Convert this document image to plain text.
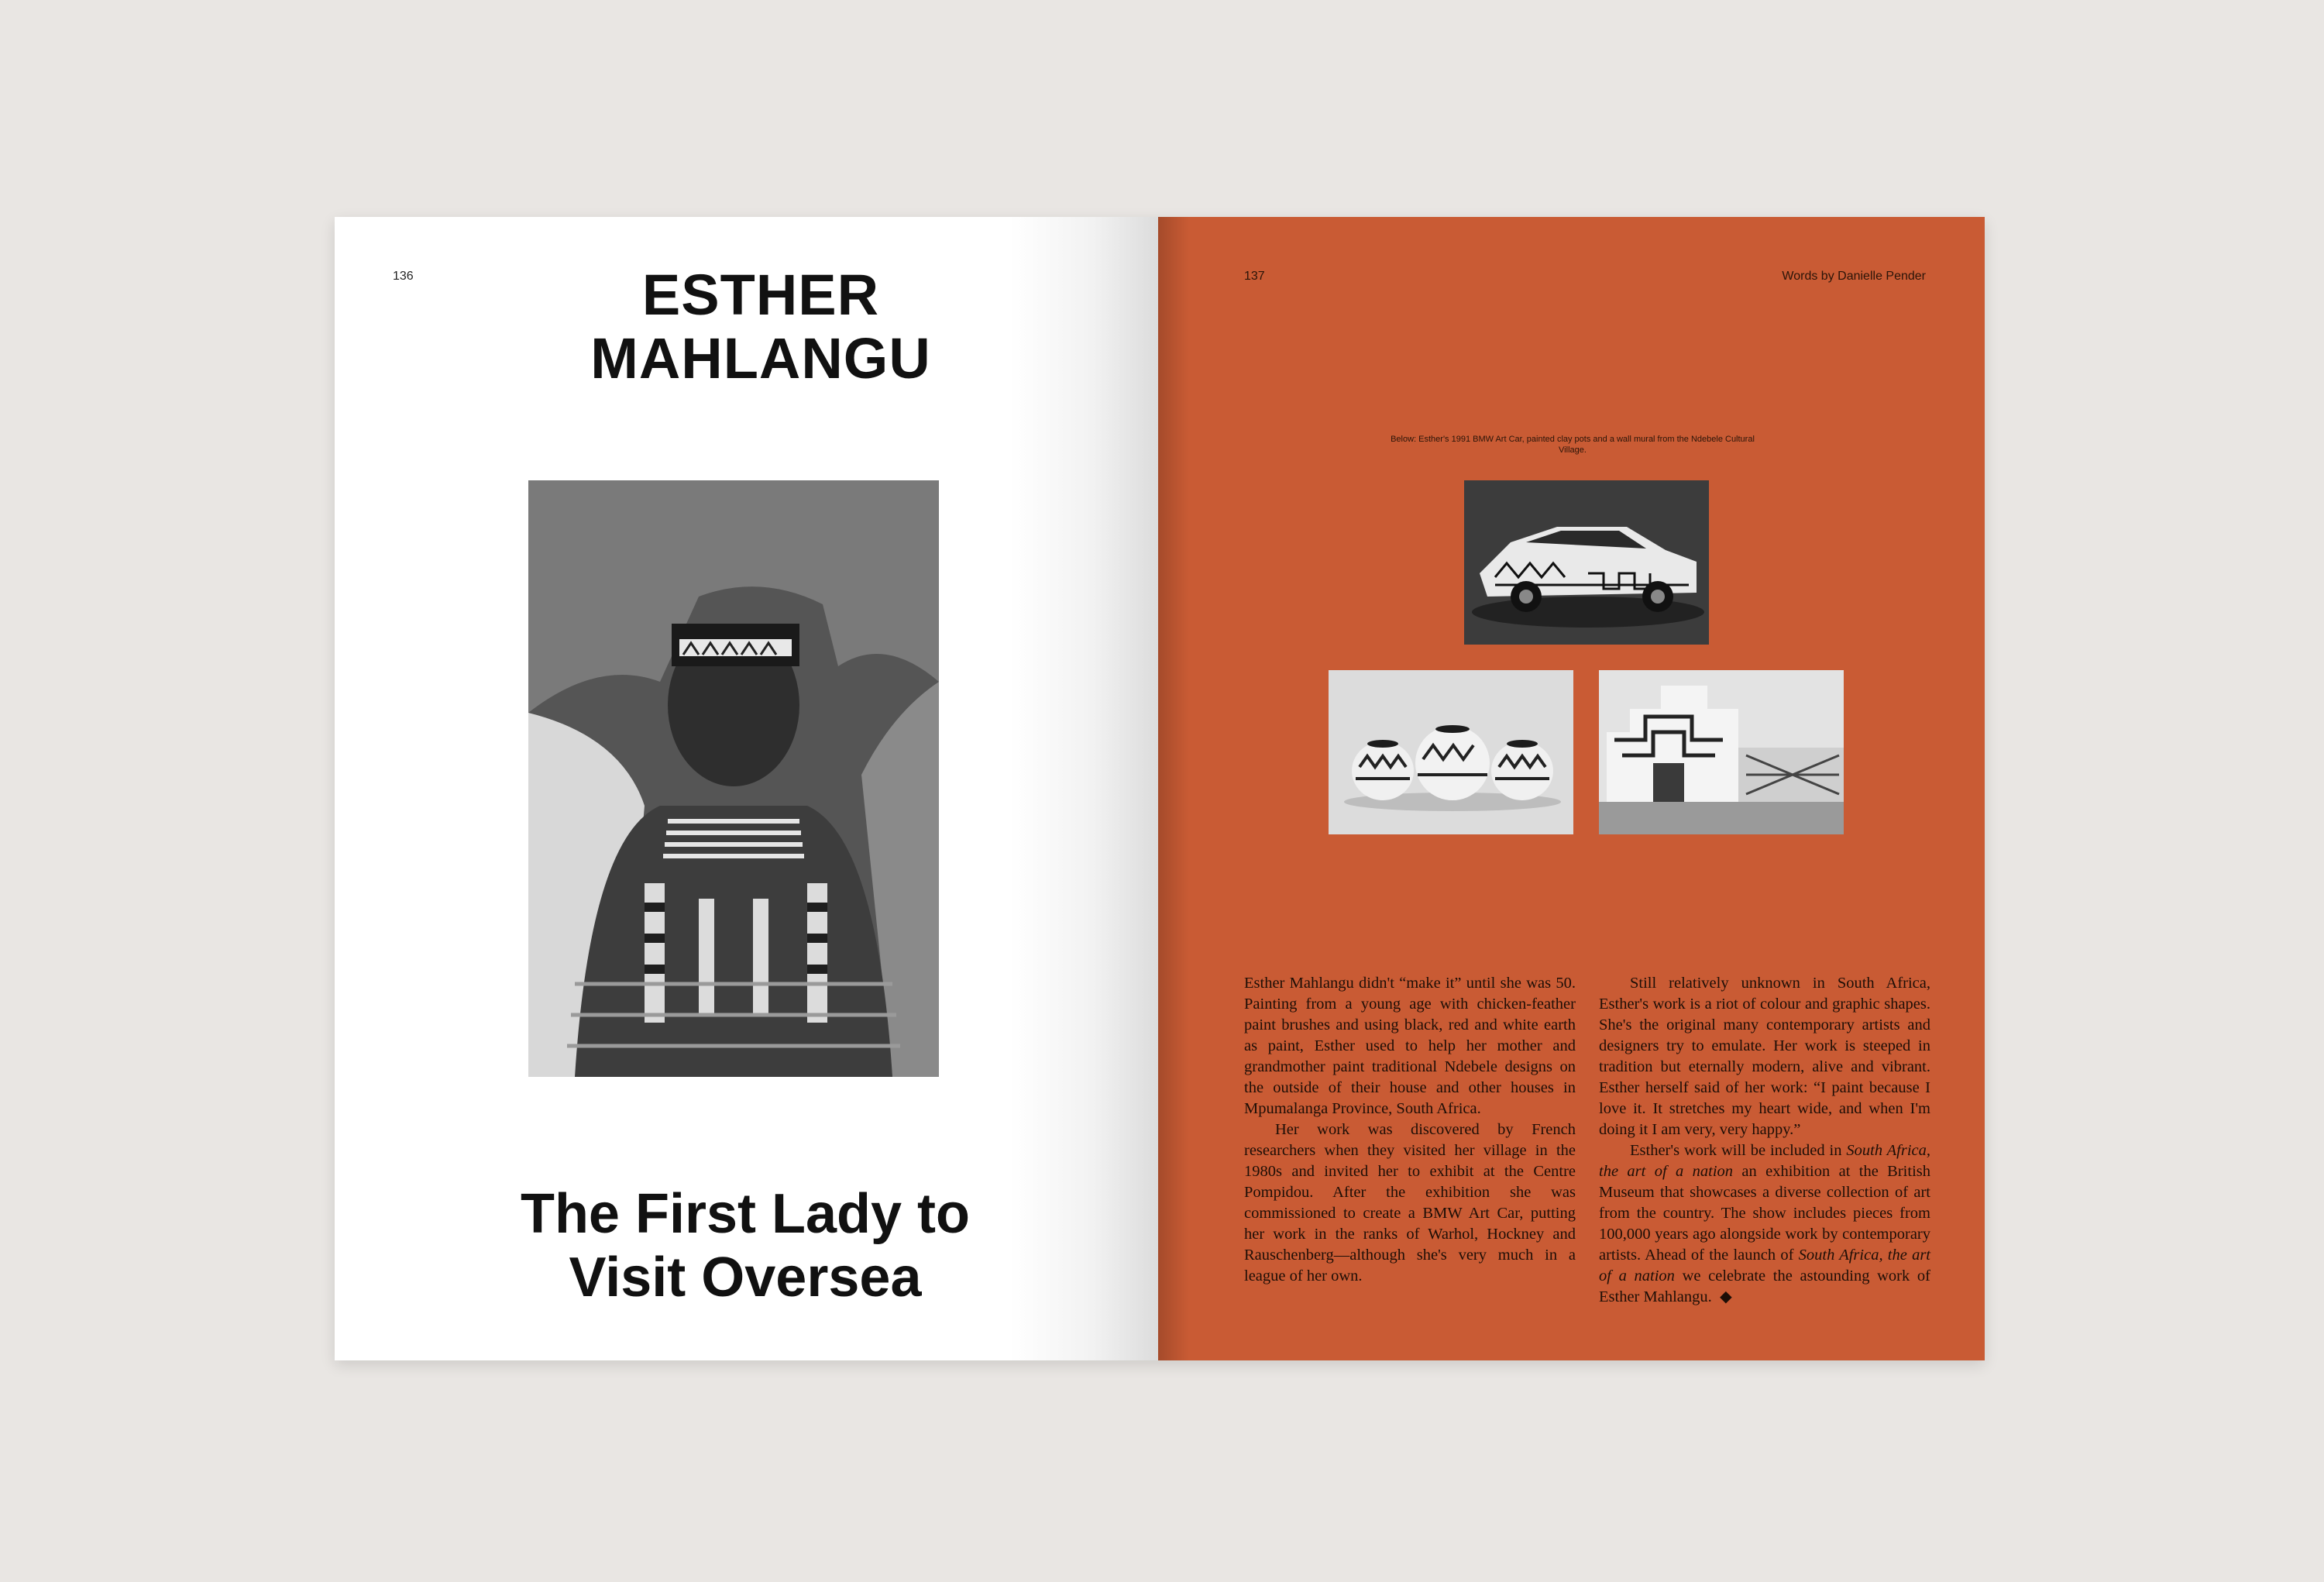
136	ESTHER
MAHLANGU
The First Lady to
Visit Oversea
137	Words by Danielle Pender
Below: Esther's 1991 BMW Art Car, painted clay pots and a wall mural from the Ndebele Cultural Village.

Esther Mahlangu didn't “make it” until she was 50. Painting from a young age with chicken-feather paint brushes and using black, red and white earth as paint, Esther used to help her mother and grandmother paint traditional Ndebele designs on the outside of their house and other houses in Mpumalanga Province, South Africa.

Her work was discovered by French researchers when they visited her village in the 1980s and invited her to exhibit at the Centre Pompidou. After the exhibition she was commissioned to create a BMW Art Car, putting her work in the ranks of Warhol, Hockney and Rauschenberg—although she's very much in a league of her own.

Still relatively unknown in South Africa, Esther's work is a riot of colour and graphic shapes. She's the original many contemporary artists and designers try to emulate. Her work is steeped in tradition but eternally modern, alive and vibrant. Esther herself said of her work: “I paint because I love it. It stretches my heart wide, and when I'm doing it I am very, very happy.”

Esther's work will be included in South Africa, the art of a nation an exhibition at the British Museum that showcases a diverse collection of art from the country. The show includes pieces from 100,000 years ago alongside work by contemporary artists. Ahead of the launch of South Africa, the art of a nation we celebrate the astounding work of Esther Mahlangu. ◆
